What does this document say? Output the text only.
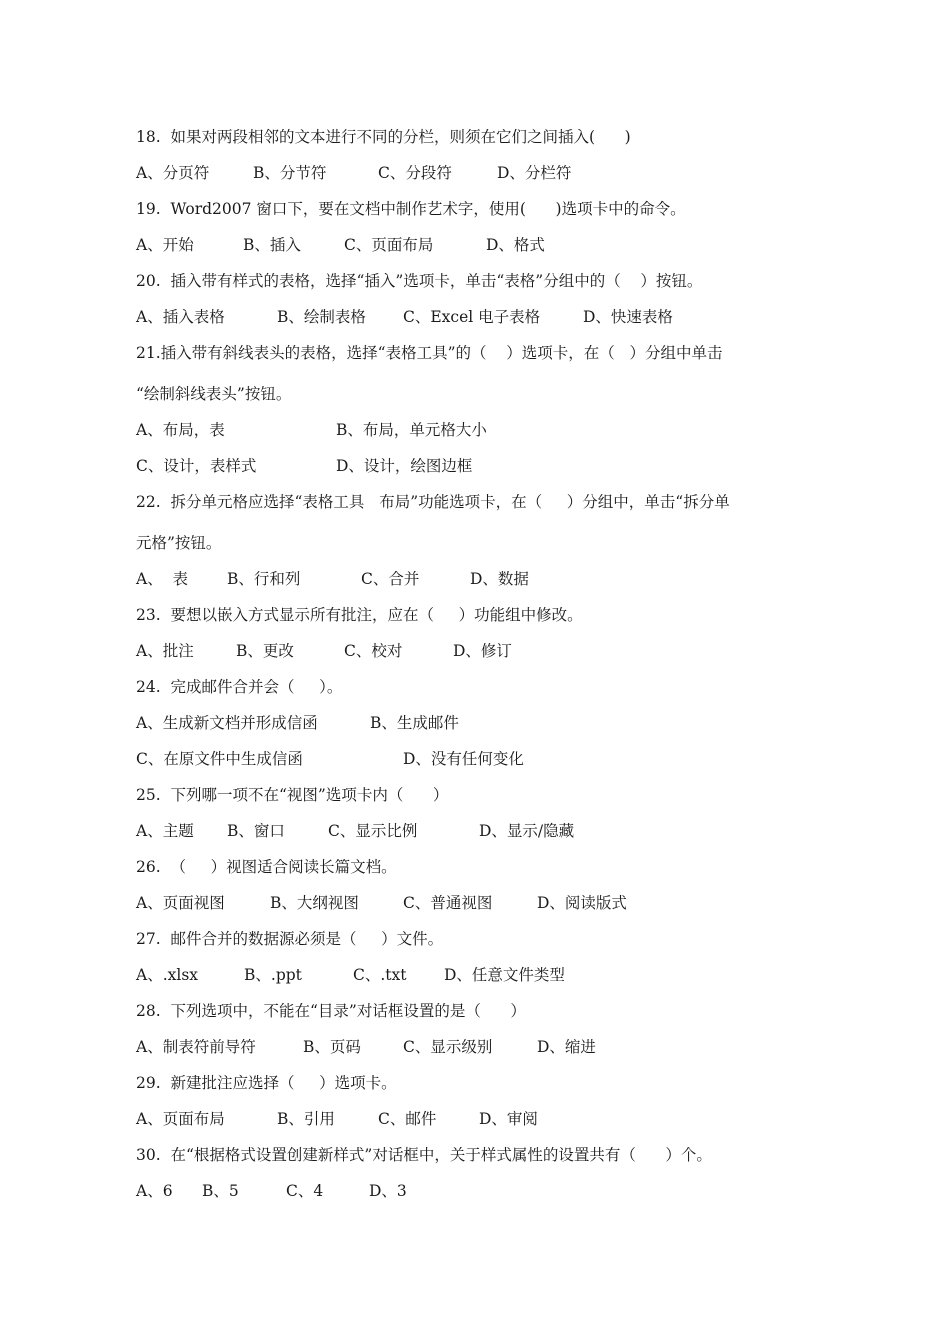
18.  如果对两段相邻的文本进行不同的分栏，则须在它们之间插入(      )
A、分页符	B、分节符	C、分段符	D、分栏符
19.  Word2007 窗口下，要在文档中制作艺术字，使用(      )选项卡中的命令。
A、开始	B、插入	C、页面布局	D、格式
20.  插入带有样式的表格，选择“插入”选项卡，单击“表格”分组中的（    ）按钮。
A、插入表格	B、绘制表格 C、Excel 电子表格	D、快速表格
21.插入带有斜线表头的表格，选择“表格工具”的（    ）选项卡，在（   ）分组中单击
“绘制斜线表头”按钮。
A、布局，表	B、布局，单元格大小
C、设计，表样式	D、设计，绘图边框
22.  拆分单元格应选择“表格工具   布局”功能选项卡，在（     ）分组中，单击“拆分单
元格”按钮。
A、  表	B、行和列	C、合并	D、数据
23.  要想以嵌入方式显示所有批注，应在（     ）功能组中修改。
A、批注	B、更改	C、校对	D、修订
24.  完成邮件合并会（     ）。
A、生成新文档并形成信函	B、生成邮件
C、在原文件中生成信函	D、没有任何变化
25.  下列哪一项不在“视图”选项卡内（      ）
A、主题 B、窗口	C、显示比例	D、显示/隐藏
26.  （     ）视图适合阅读长篇文档。
A、页面视图	B、大纲视图	C、普通视图	D、阅读版式
27.  邮件合并的数据源必须是（     ）文件。
A、.xlsx	B、.ppt	C、.txt D、任意文件类型
28.  下列选项中，不能在“目录”对话框设置的是（      ）
A、制表符前导符	B、页码	C、显示级别	D、缩进
29.  新建批注应选择（     ）选项卡。
A、页面布局	B、引用	C、邮件	D、审阅
30.  在“根据格式设置创建新样式”对话框中，关于样式属性的设置共有（      ）个。
A、6 B、5	C、4	D、3
